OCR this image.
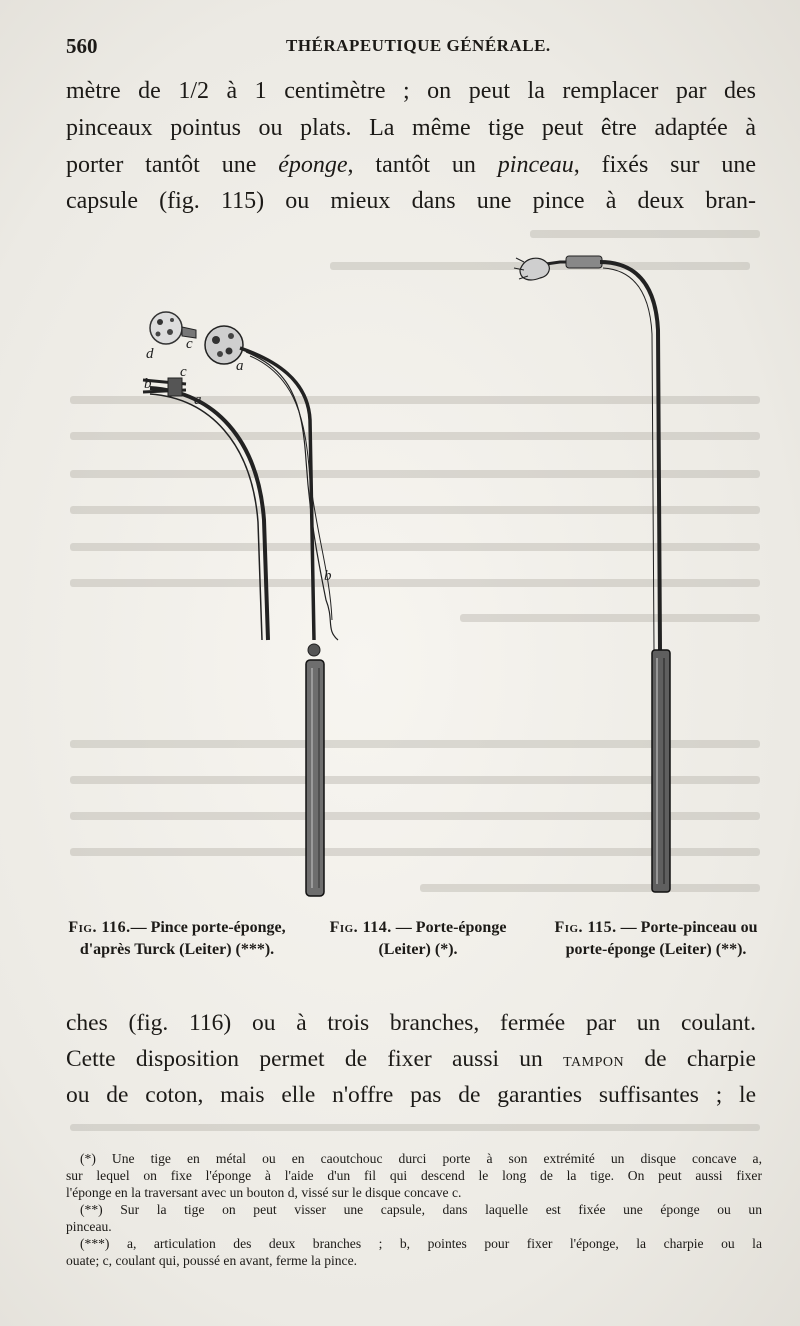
560	THÉRAPEUTIQUE GÉNÉRALE.
mètre de 1/2 à 1 centimètre ; on peut la remplacer par des
pinceaux pointus ou plats. La même tige peut être adaptée à
porter tantôt une éponge, tantôt un pinceau, fixés sur une
capsule (fig. 115) ou mieux dans une pince à deux bran-
d
c
a
b
c
a
b
Fig. 116.— Pince porte-éponge, d'après Turck (Leiter) (***).
Fig. 114. — Porte-éponge (Leiter) (*).
Fig. 115. — Porte-pinceau ou porte-éponge (Leiter) (**).
ches (fig. 116) ou à trois branches, fermée par un coulant.
Cette disposition permet de fixer aussi un tampon de charpie
ou de coton, mais elle n'offre pas de garanties suffisantes ; le
(*) Une tige en métal ou en caoutchouc durci porte à son extrémité un disque concave a,
sur lequel on fixe l'éponge à l'aide d'un fil qui descend le long de la tige. On peut aussi fixer
l'éponge en la traversant avec un bouton d, vissé sur le disque concave c.
(**) Sur la tige on peut visser une capsule, dans laquelle est fixée une éponge ou un
pinceau.
(***) a, articulation des deux branches ; b, pointes pour fixer l'éponge, la charpie ou la
ouate; c, coulant qui, poussé en avant, ferme la pince.
